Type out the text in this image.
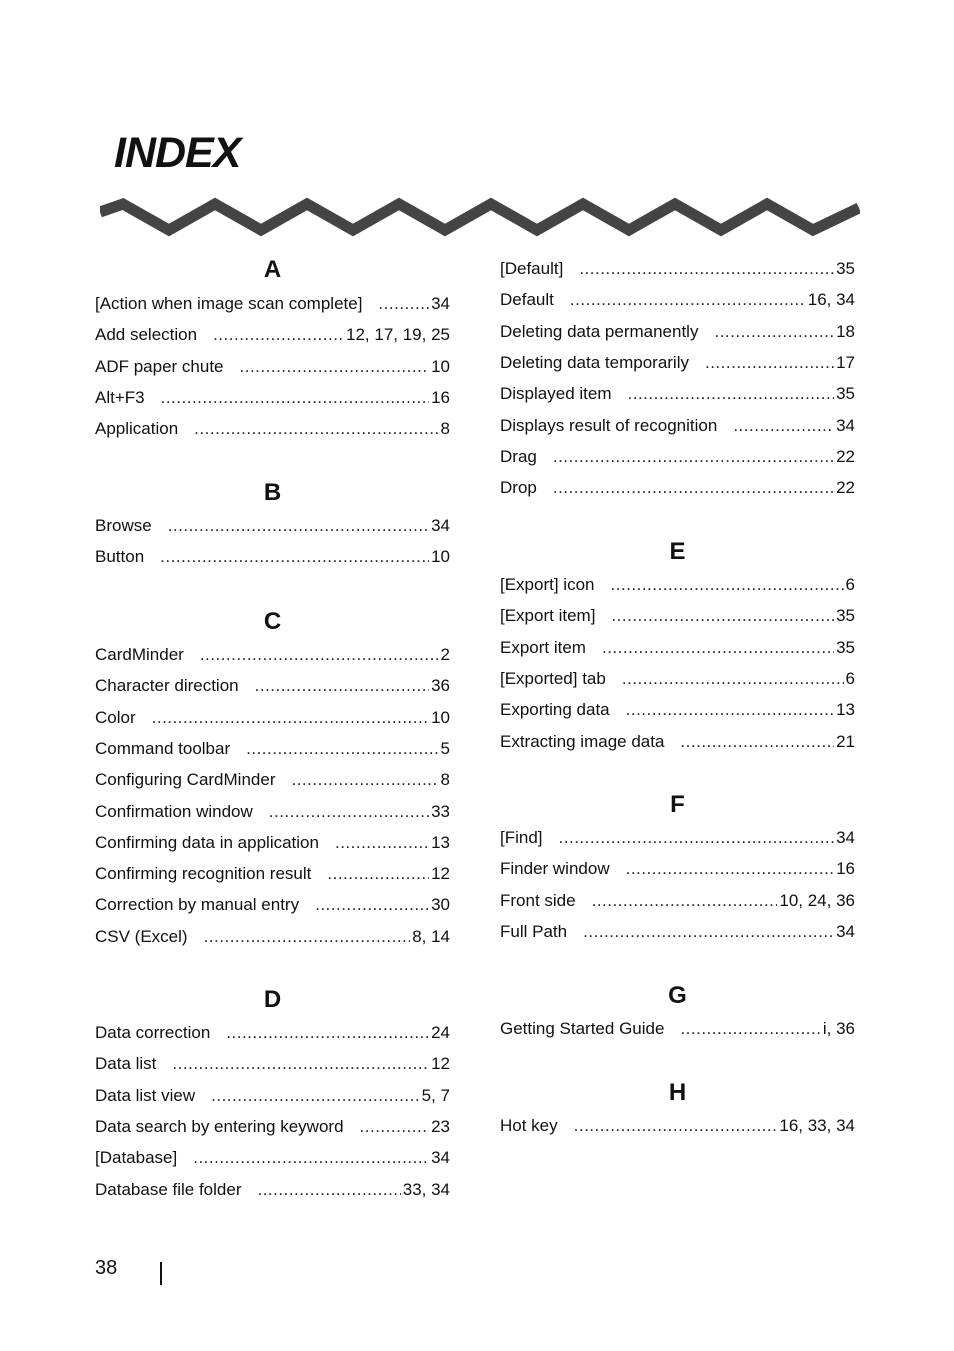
INDEX
A
[Action when image scan complete] .....	34
Add selection .....	12, 17, 19, 25
ADF paper chute .....	10
Alt+F3 .....	16
Application .....	8
B
Browse .....	34
Button .....	10
C
CardMinder .....	2
Character direction .....	36
Color .....	10
Command toolbar .....	5
Configuring CardMinder .....	8
Confirmation window .....	33
Confirming data in application .....	13
Confirming recognition result .....	12
Correction by manual entry .....	30
CSV (Excel) .....	8, 14
D
Data correction .....	24
Data list .....	12
Data list view .....	5, 7
Data search by entering keyword .....	23
[Database] .....	34
Database file folder .....	33, 34
[Default] .....	35
Default .....	16, 34
Deleting data permanently .....	18
Deleting data temporarily .....	17
Displayed item .....	35
Displays result of recognition .....	34
Drag .....	22
Drop .....	22
E
[Export] icon .....	6
[Export item] .....	35
Export item .....	35
[Exported] tab .....	6
Exporting data .....	13
Extracting image data .....	21
F
[Find] .....	34
Finder window .....	16
Front side .....	10, 24, 36
Full Path .....	34
G
Getting Started Guide .....	i, 36
H
Hot key .....	16, 33, 34
38
